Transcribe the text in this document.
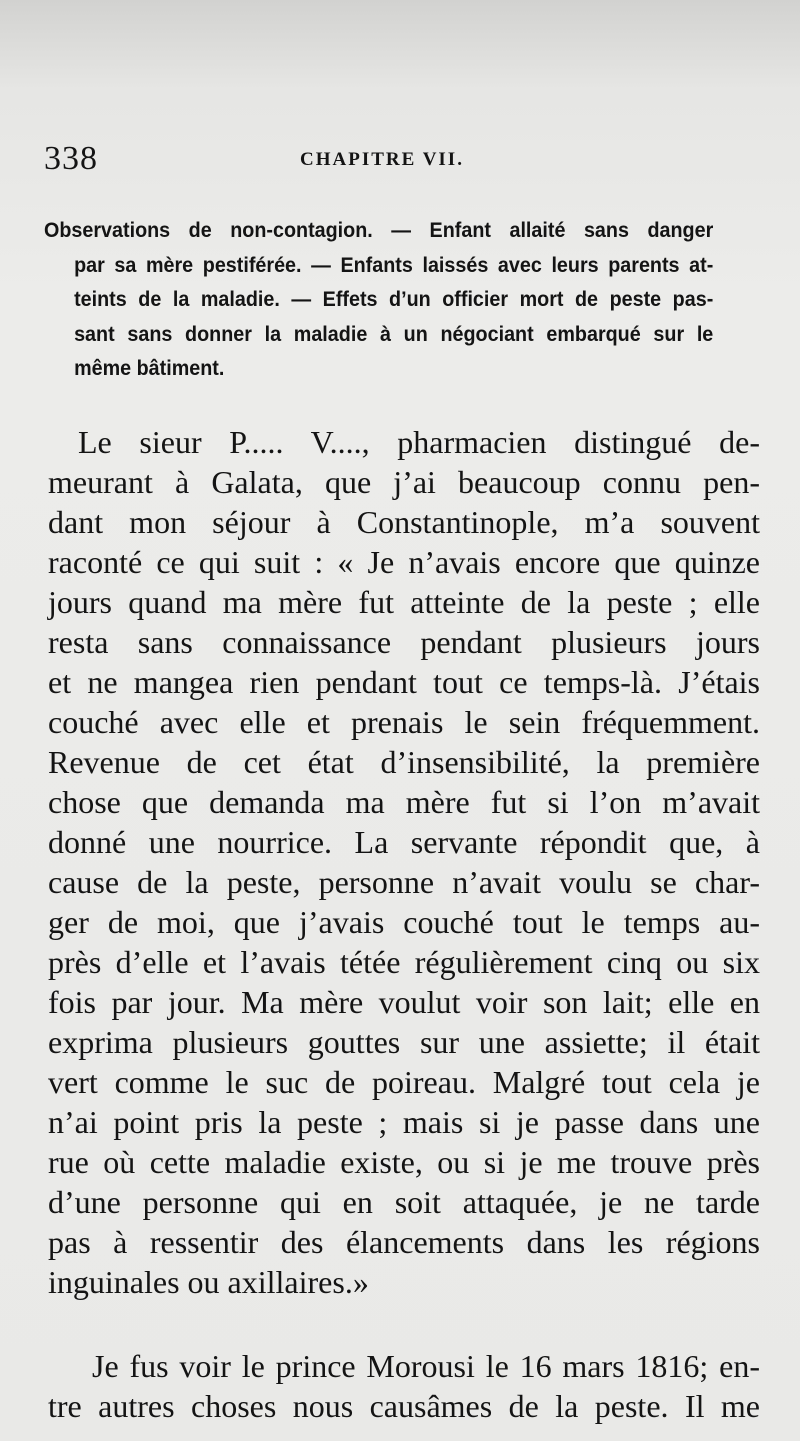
338	CHAPITRE VII.
Observations de non-contagion. — Enfant allaité sans danger
par sa mère pestiférée. — Enfants laissés avec leurs parents at-
teints de la maladie. — Effets d’un officier mort de peste pas-
sant sans donner la maladie à un négociant embarqué sur le
même bâtiment.
Le sieur P..... V...., pharmacien distingué de-
meurant à Galata, que j’ai beaucoup connu pen-
dant mon séjour à Constantinople, m’a souvent
raconté ce qui suit : « Je n’avais encore que quinze
jours quand ma mère fut atteinte de la peste ; elle
resta sans connaissance pendant plusieurs jours
et ne mangea rien pendant tout ce temps-là. J’étais
couché avec elle et prenais le sein fréquemment.
Revenue de cet état d’insensibilité, la première
chose que demanda ma mère fut si l’on m’avait
donné une nourrice. La servante répondit que, à
cause de la peste, personne n’avait voulu se char-
ger de moi, que j’avais couché tout le temps au-
près d’elle et l’avais tétée régulièrement cinq ou six
fois par jour. Ma mère voulut voir son lait; elle en
exprima plusieurs gouttes sur une assiette; il était
vert comme le suc de poireau. Malgré tout cela je
n’ai point pris la peste ; mais si je passe dans une
rue où cette maladie existe, ou si je me trouve près
d’une personne qui en soit attaquée, je ne tarde
pas à ressentir des élancements dans les régions
inguinales ou axillaires.»
Je fus voir le prince Morousi le 16 mars 1816; en-
tre autres choses nous causâmes de la peste. Il me
